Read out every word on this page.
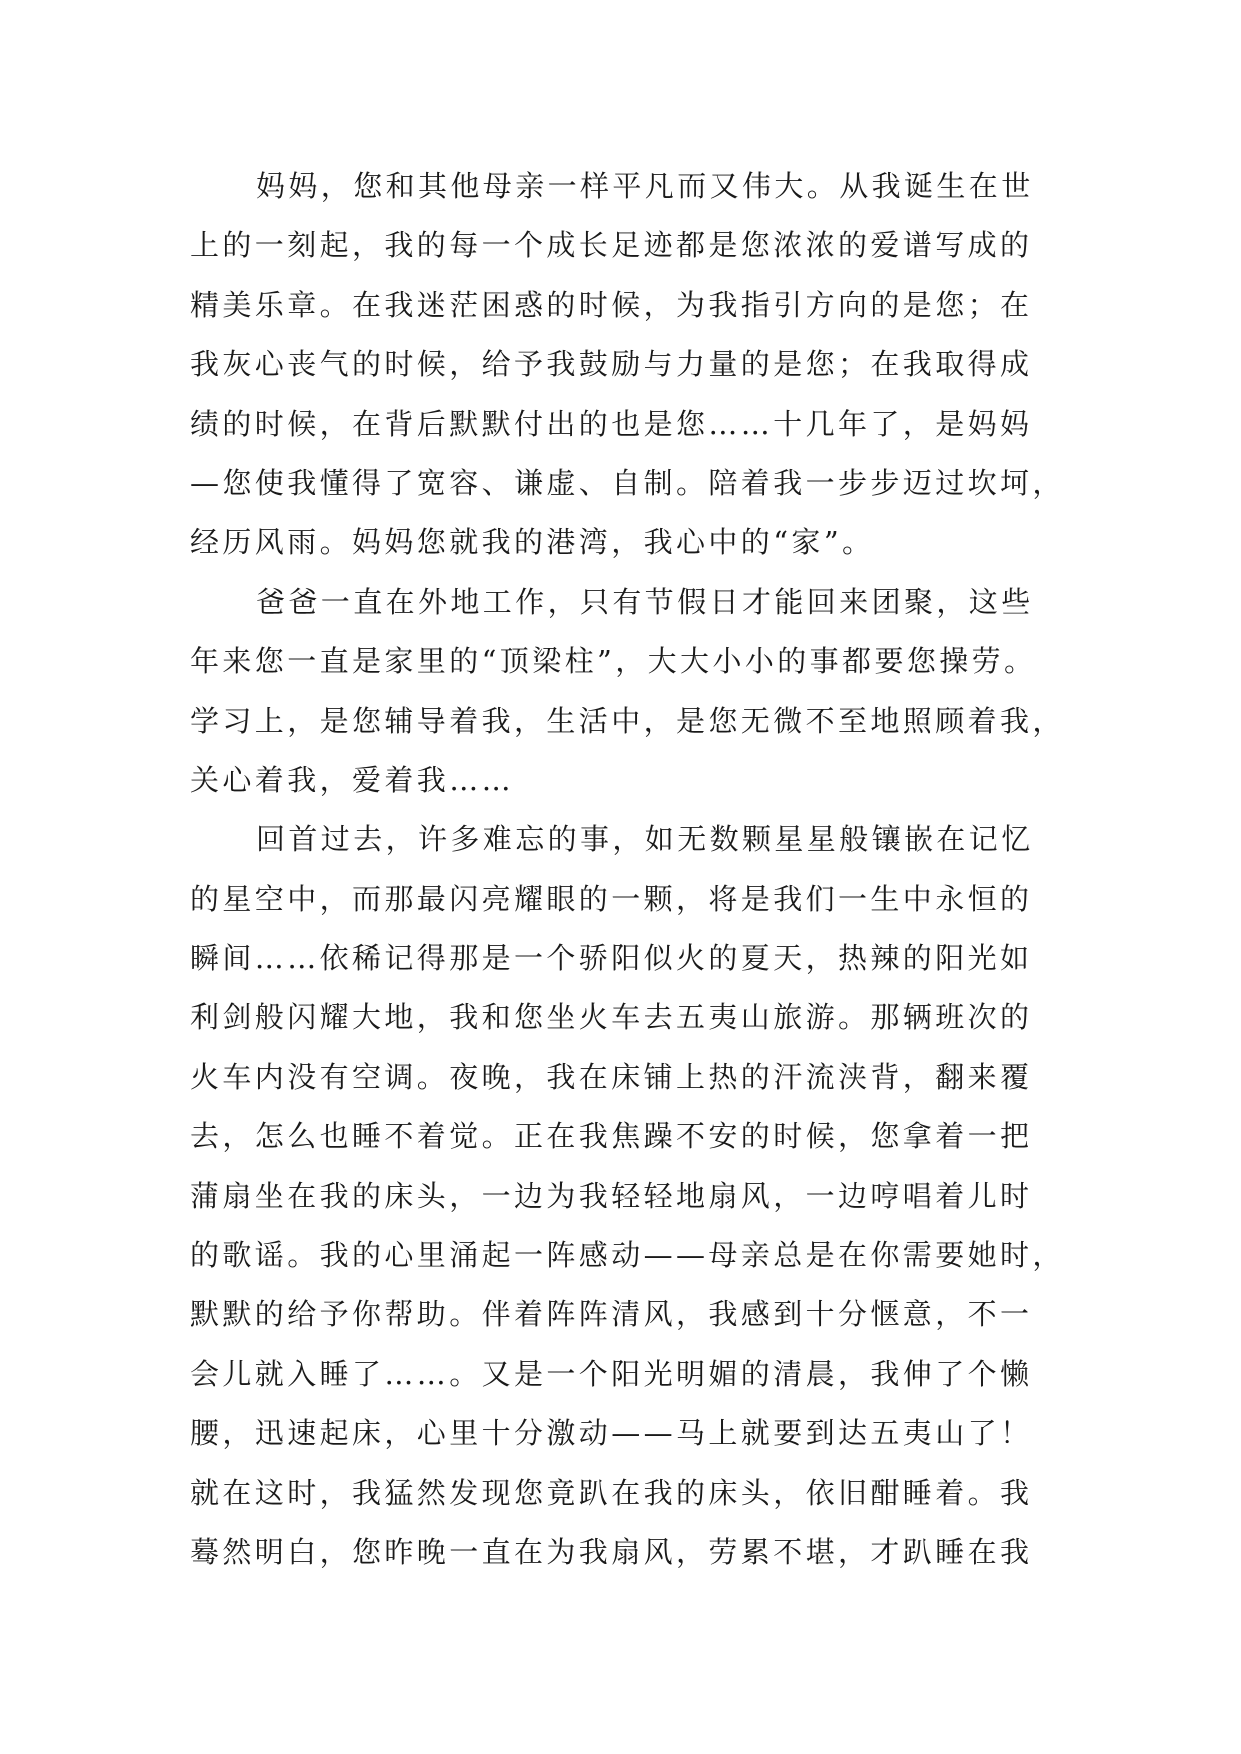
妈妈，您和其他母亲一样平凡而又伟大。从我诞生在世
上的一刻起，我的每一个成长足迹都是您浓浓的爱谱写成的
精美乐章。在我迷茫困惑的时候，为我指引方向的是您；在
我灰心丧气的时候，给予我鼓励与力量的是您；在我取得成
绩的时候，在背后默默付出的也是您……十几年了，是妈妈
—您使我懂得了宽容、谦虚、自制。陪着我一步步迈过坎坷，
经历风雨。妈妈您就我的港湾，我心中的“家”。
爸爸一直在外地工作，只有节假日才能回来团聚，这些
年来您一直是家里的“顶梁柱”，大大小小的事都要您操劳。
学习上，是您辅导着我，生活中，是您无微不至地照顾着我，
关心着我，爱着我……
回首过去，许多难忘的事，如无数颗星星般镶嵌在记忆
的星空中，而那最闪亮耀眼的一颗，将是我们一生中永恒的
瞬间……依稀记得那是一个骄阳似火的夏天，热辣的阳光如
利剑般闪耀大地，我和您坐火车去五夷山旅游。那辆班次的
火车内没有空调。夜晚，我在床铺上热的汗流浃背，翻来覆
去，怎么也睡不着觉。正在我焦躁不安的时候，您拿着一把
蒲扇坐在我的床头，一边为我轻轻地扇风，一边哼唱着儿时
的歌谣。我的心里涌起一阵感动——母亲总是在你需要她时，
默默的给予你帮助。伴着阵阵清风，我感到十分惬意，不一
会儿就入睡了……。又是一个阳光明媚的清晨，我伸了个懒
腰，迅速起床，心里十分激动——马上就要到达五夷山了！
就在这时，我猛然发现您竟趴在我的床头，依旧酣睡着。我
蓦然明白，您昨晚一直在为我扇风，劳累不堪，才趴睡在我
